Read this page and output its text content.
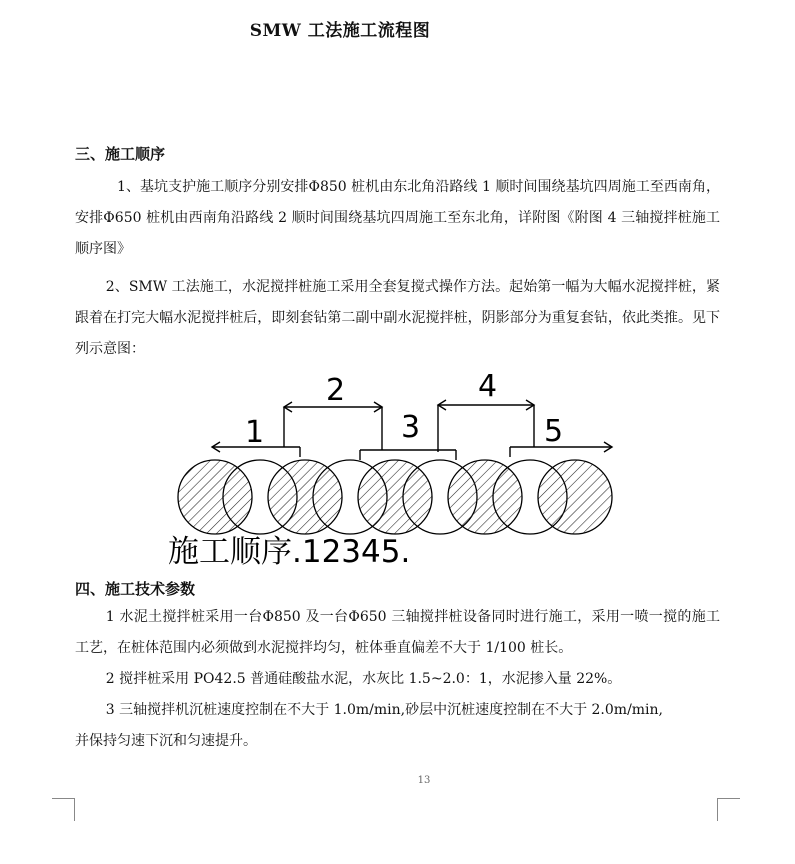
SMW 工法施工流程图
三、施工顺序
1、基坑支护施工顺序分别安排Φ850 桩机由东北角沿路线 1 顺时间围绕基坑四周施工至西南角，安排Φ650 桩机由西南角沿路线 2 顺时间围绕基坑四周施工至东北角，详附图《附图 4 三轴搅拌桩施工顺序图》
2、SMW 工法施工，水泥搅拌桩施工采用全套复搅式操作方法。起始第一幅为大幅水泥搅拌桩，紧跟着在打完大幅水泥搅拌桩后，即刻套钻第二副中副水泥搅拌桩，阴影部分为重复套钻，依此类推。见下列示意图：
1
2
3
4
5
施工顺序.12345.
四、施工技术参数
1 水泥土搅拌桩采用一台Φ850 及一台Φ650 三轴搅拌桩设备同时进行施工，采用一喷一搅的施工工艺，在桩体范围内必须做到水泥搅拌均匀，桩体垂直偏差不大于 1/100 桩长。
2 搅拌桩采用 PO42.5 普通硅酸盐水泥，水灰比 1.5~2.0：1，水泥掺入量 22%。
3 三轴搅拌机沉桩速度控制在不大于 1.0m/min,砂层中沉桩速度控制在不大于 2.0m/min,
并保持匀速下沉和匀速提升。
13
